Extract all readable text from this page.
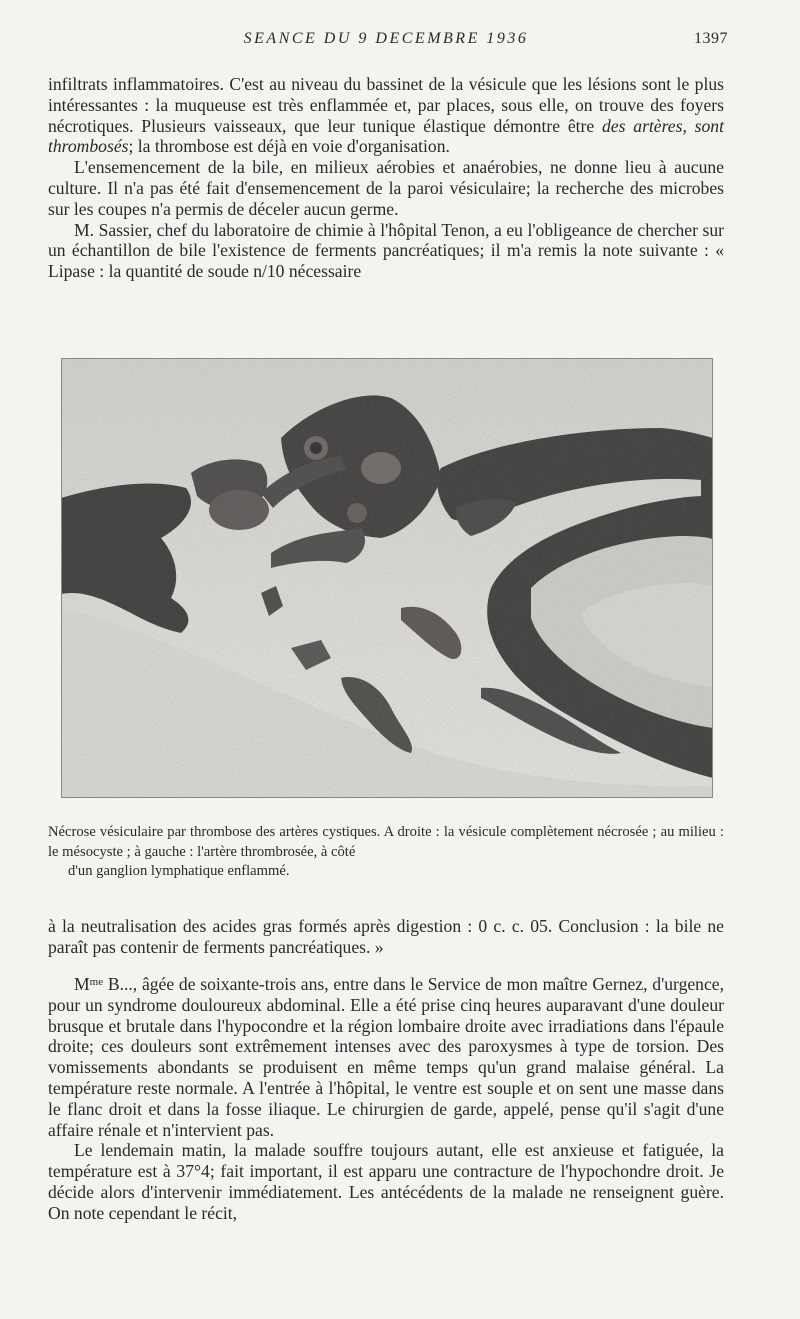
SEANCE DU 9 DECEMBRE 1936	1397

infiltrats inflammatoires. C'est au niveau du bassinet de la vésicule que les lésions sont le plus intéressantes : la muqueuse est très enflammée et, par places, sous elle, on trouve des foyers nécrotiques. Plusieurs vaisseaux, que leur tunique élastique démontre être des artères, sont thrombosés; la thrombose est déjà en voie d'organisation.

L'ensemencement de la bile, en milieux aérobies et anaérobies, ne donne lieu à aucune culture. Il n'a pas été fait d'ensemencement de la paroi vésiculaire; la recherche des microbes sur les coupes n'a permis de déceler aucun germe.

M. Sassier, chef du laboratoire de chimie à l'hôpital Tenon, a eu l'obligeance de chercher sur un échantillon de bile l'existence de ferments pancréatiques; il m'a remis la note suivante : « Lipase : la quantité de soude n/10 nécessaire

Nécrose vésiculaire par thrombose des artères cystiques. A droite : la vésicule complètement nécrosée ; au milieu : le mésocyste ; à gauche : l'artère thrombrosée, à côté
d'un ganglion lymphatique enflammé.

à la neutralisation des acides gras formés après digestion : 0 c. c. 05. Conclusion : la bile ne paraît pas contenir de ferments pancréatiques. »

$M^{me}$ B..., âgée de soixante-trois ans, entre dans le Service de mon maître Gernez, d'urgence, pour un syndrome douloureux abdominal. Elle a été prise cinq heures auparavant d'une douleur brusque et brutale dans l'hypocondre et la région lombaire droite avec irradiations dans l'épaule droite; ces douleurs sont extrêmement intenses avec des paroxysmes à type de torsion. Des vomissements abondants se produisent en même temps qu'un grand malaise général. La température reste normale. A l'entrée à l'hôpital, le ventre est souple et on sent une masse dans le flanc droit et dans la fosse iliaque. Le chirurgien de garde, appelé, pense qu'il s'agit d'une affaire rénale et n'intervient pas.

Le lendemain matin, la malade souffre toujours autant, elle est anxieuse et fatiguée, la température est à 37°4; fait important, il est apparu une contracture de l'hypochondre droit. Je décide alors d'intervenir immédiatement. Les antécédents de la malade ne renseignent guère. On note cependant le récit,
